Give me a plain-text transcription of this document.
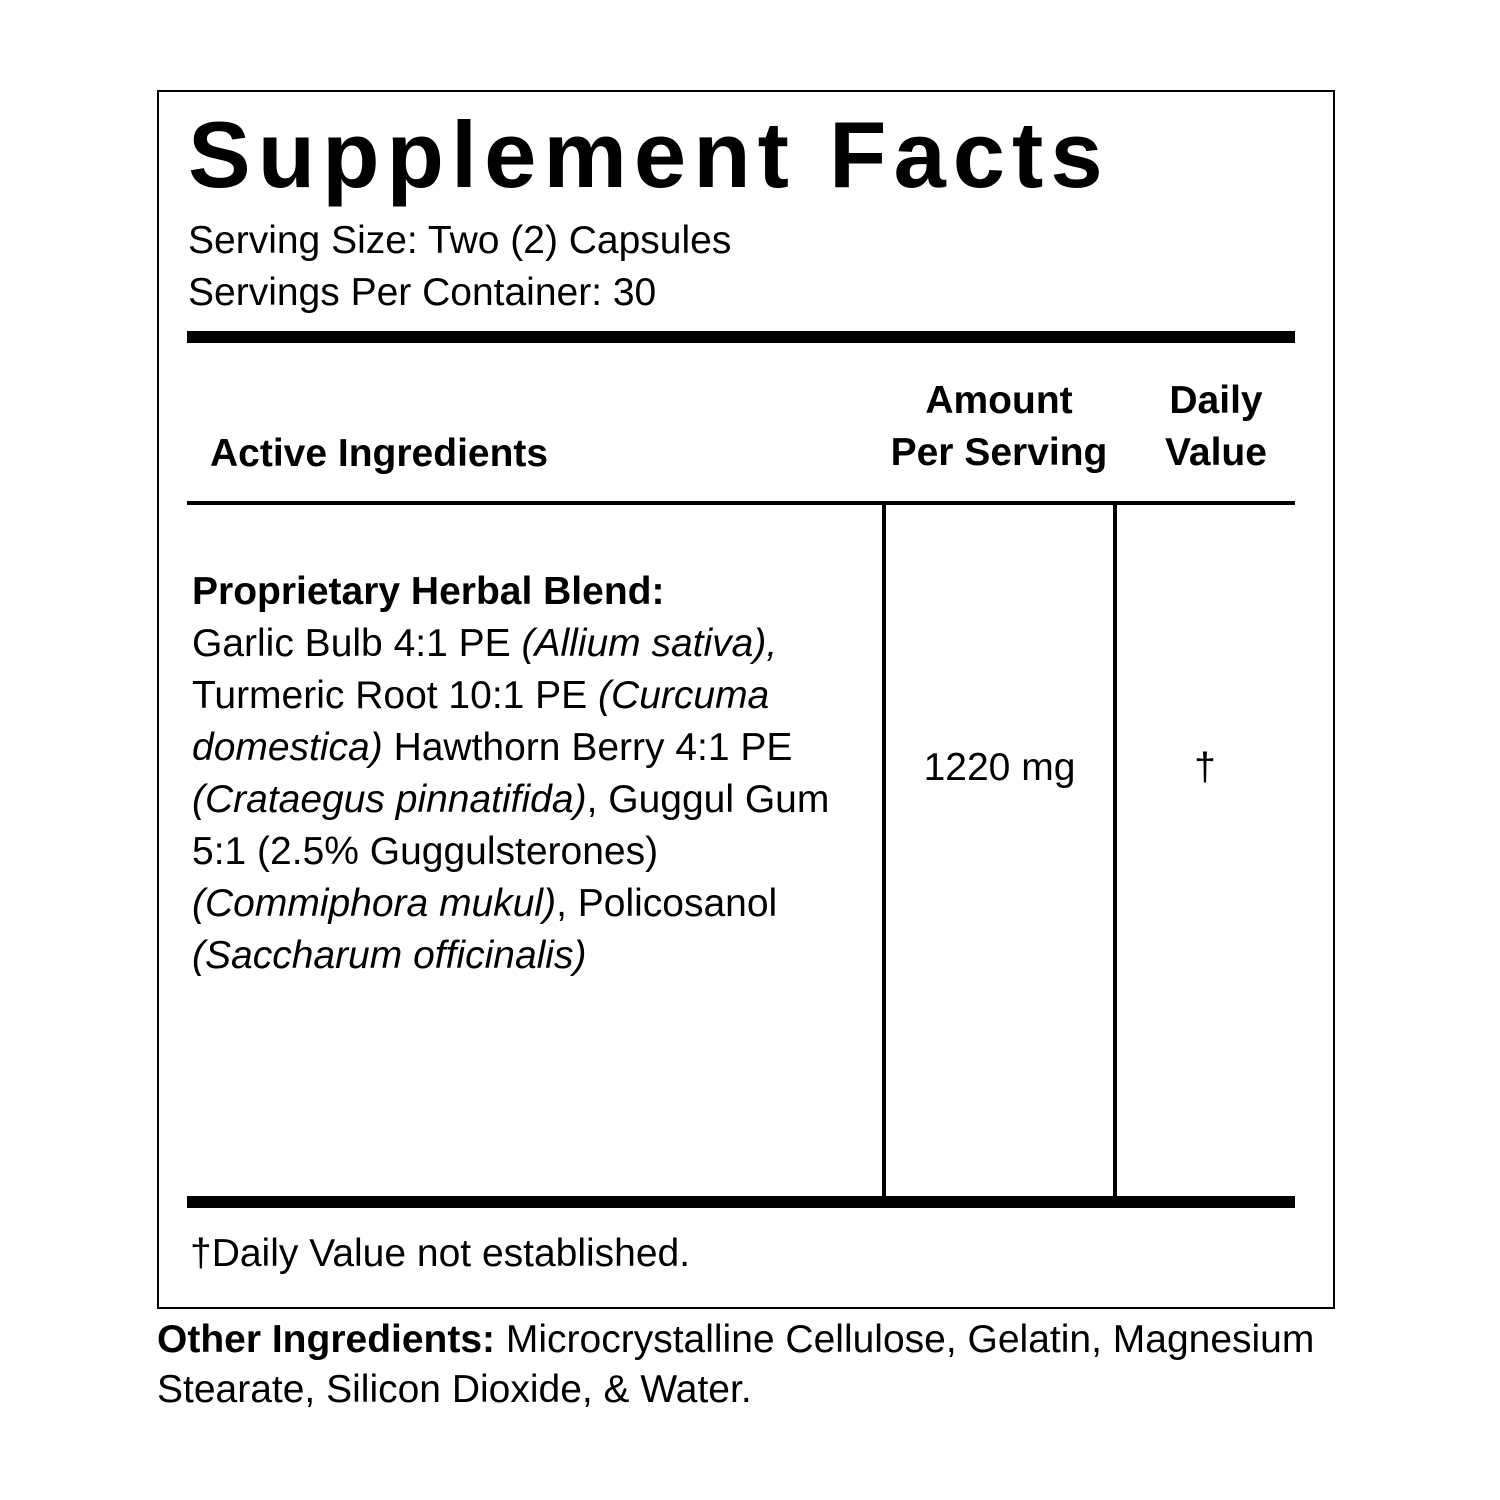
Supplement Facts
Serving Size: Two (2) Capsules
Servings Per Container: 30
Active Ingredients
Amount
Per Serving
Daily
Value
Proprietary Herbal Blend:
Garlic Bulb 4:1 PE (Allium sativa), Turmeric Root 10:1 PE (Curcuma domestica) Hawthorn Berry 4:1 PE (Crataegus pinnatifida), Guggul Gum 5:1 (2.5% Guggulsterones) (Commiphora mukul), Policosanol (Saccharum officinalis)
1220 mg	†
†Daily Value not established.
Other Ingredients: Microcrystalline Cellulose, Gelatin, Magnesium Stearate, Silicon Dioxide, & Water.
